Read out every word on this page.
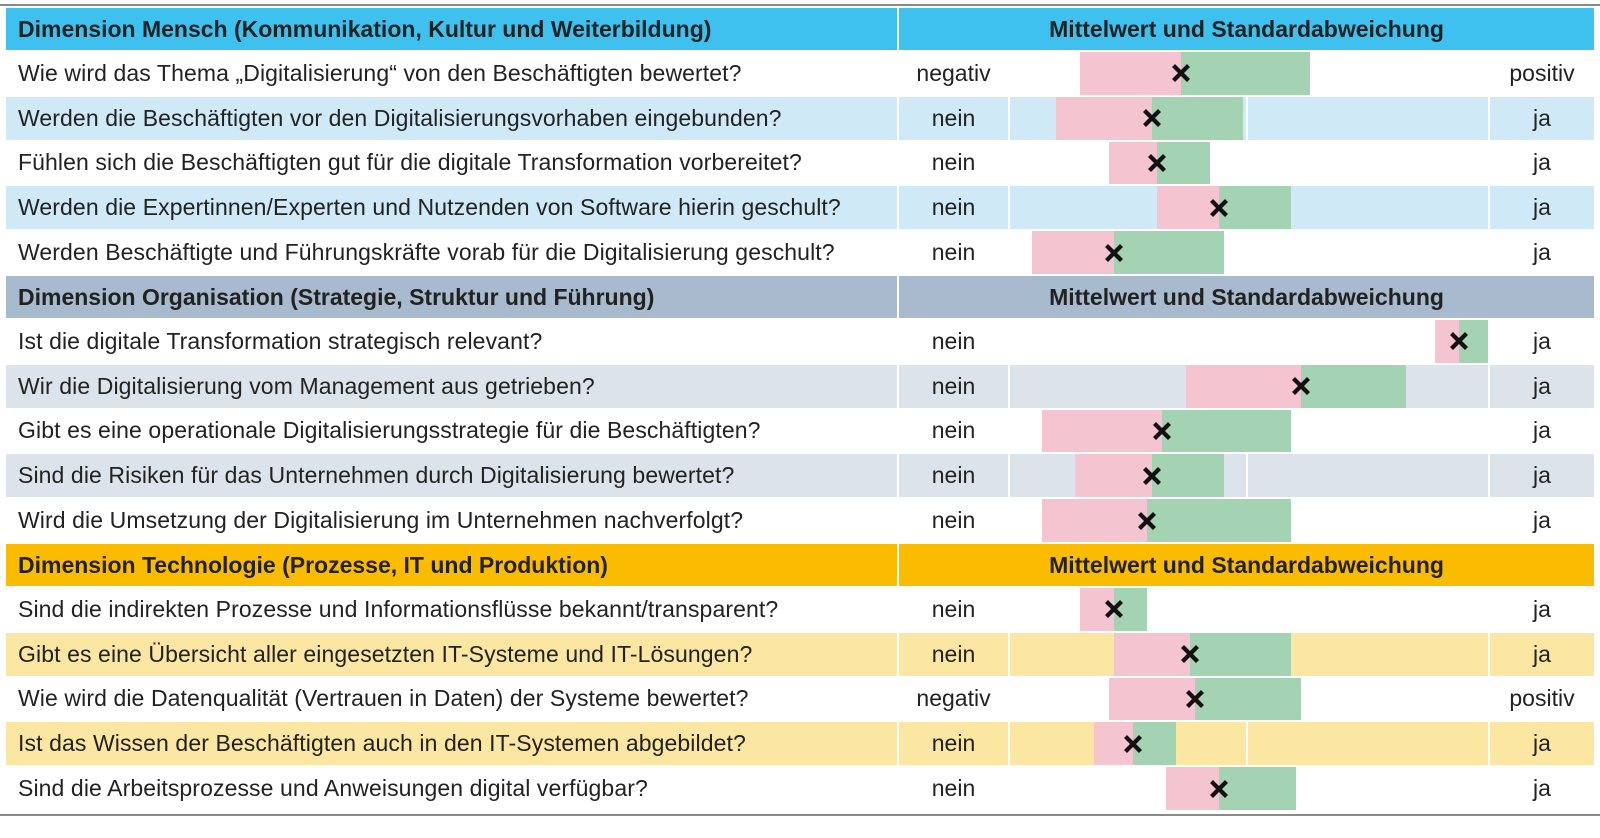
Dimension Mensch (Kommunikation, Kultur und Weiterbildung)	Mittelwert und Standardabweichung
Wie wird das Thema „Digitalisierung“ von den Beschäftigten bewertet?	negativ	positiv
Werden die Beschäftigten vor den Digitalisierungsvorhaben eingebunden?	nein	ja
Fühlen sich die Beschäftigten gut für die digitale Transformation vorbereitet?	nein	ja
Werden die Expertinnen/Experten und Nutzenden von Software hierin geschult?	nein	ja
Werden Beschäftigte und Führungskräfte vorab für die Digitalisierung geschult?	nein	ja
Dimension Organisation (Strategie, Struktur und Führung)	Mittelwert und Standardabweichung
Ist die digitale Transformation strategisch relevant?	nein	ja
Wir die Digitalisierung vom Management aus getrieben?	nein	ja
Gibt es eine operationale Digitalisierungsstrategie für die Beschäftigten?	nein	ja
Sind die Risiken für das Unternehmen durch Digitalisierung bewertet?	nein	ja
Wird die Umsetzung der Digitalisierung im Unternehmen nachverfolgt?	nein	ja
Dimension Technologie (Prozesse, IT und Produktion)	Mittelwert und Standardabweichung
Sind die indirekten Prozesse und Informationsflüsse bekannt/transparent?	nein	ja
Gibt es eine Übersicht aller eingesetzten IT-Systeme und IT-Lösungen?	nein	ja
Wie wird die Datenqualität (Vertrauen in Daten) der Systeme bewertet?	negativ	positiv
Ist das Wissen der Beschäftigten auch in den IT-Systemen abgebildet?	nein	ja
Sind die Arbeitsprozesse und Anweisungen digital verfügbar?	nein	ja
